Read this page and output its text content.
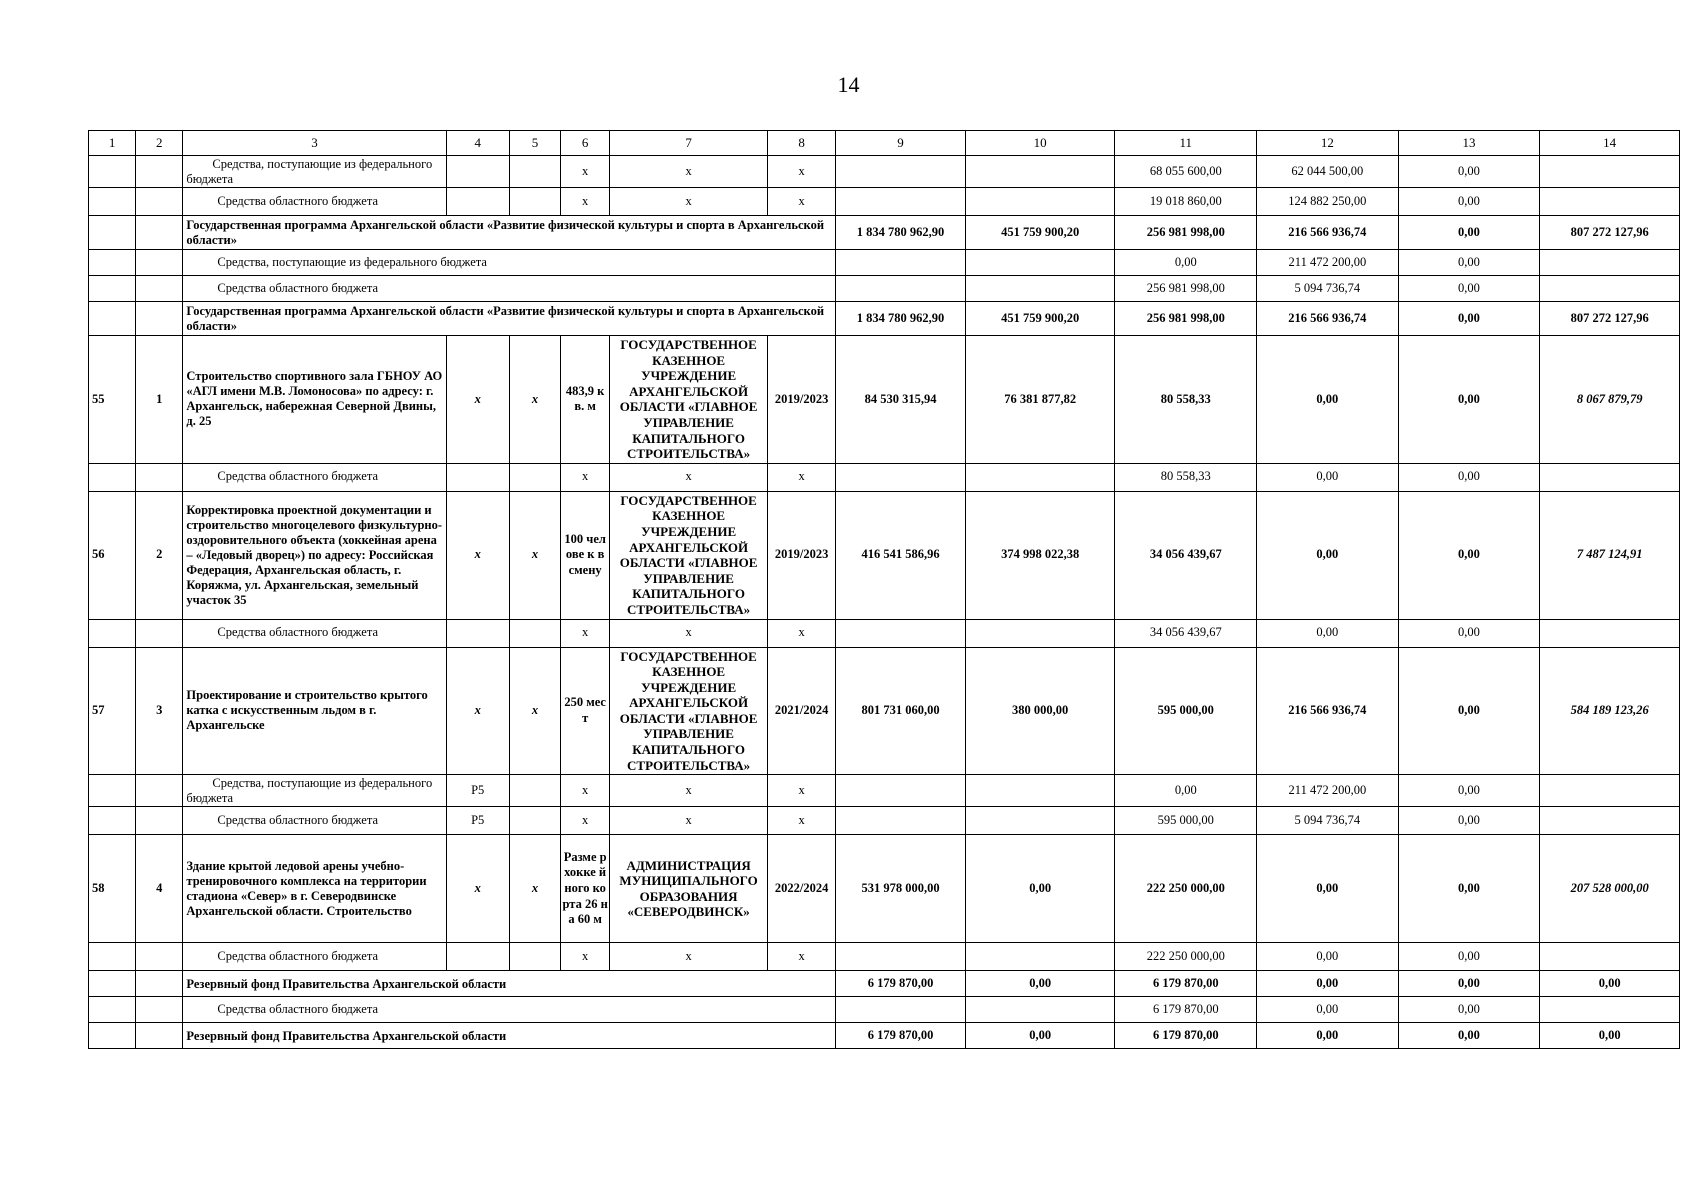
14
1	2	3	4	5	6	7	8	9	10	11	12	13	14
		Средства, поступающие из федерального бюджета			x	x	x			68 055 600,00	62 044 500,00	0,00	
		Средства областного бюджета			x	x	x			19 018 860,00	124 882 250,00	0,00	
		Государственная программа Архангельской области «Развитие физической культуры и спорта в Архангельской области»						1 834 780 962,90	451 759 900,20	256 981 998,00	216 566 936,74	0,00	807 272 127,96
		Средства, поступающие из федерального бюджета								0,00	211 472 200,00	0,00	
		Средства областного бюджета								256 981 998,00	5 094 736,74	0,00	
		Государственная программа Архангельской области «Развитие физической культуры и спорта в Архангельской области»						1 834 780 962,90	451 759 900,20	256 981 998,00	216 566 936,74	0,00	807 272 127,96
55	1	Строительство спортивного зала ГБНОУ АО «АГЛ имени М.В. Ломоносова» по адресу: г. Архангельск, набережная Северной Двины, д. 25	x	x	483,9 кв. м	ГОСУДАРСТВЕННОЕ КАЗЕННОЕ УЧРЕЖДЕНИЕ АРХАНГЕЛЬСКОЙ ОБЛАСТИ «ГЛАВНОЕ УПРАВЛЕНИЕ КАПИТАЛЬНОГО СТРОИТЕЛЬСТВА»	2019/2023	84 530 315,94	76 381 877,82	80 558,33	0,00	0,00	8 067 879,79
		Средства областного бюджета			x	x	x			80 558,33	0,00	0,00	
56	2	Корректировка проектной документации и строительство многоцелевого физкультурно-оздоровительного объекта (хоккейная арена – «Ледовый дворец») по адресу: Российская Федерация, Архангельская область, г. Коряжма, ул. Архангельская, земельный участок 35	x	x	100 челове к в смену	ГОСУДАРСТВЕННОЕ КАЗЕННОЕ УЧРЕЖДЕНИЕ АРХАНГЕЛЬСКОЙ ОБЛАСТИ «ГЛАВНОЕ УПРАВЛЕНИЕ КАПИТАЛЬНОГО СТРОИТЕЛЬСТВА»	2019/2023	416 541 586,96	374 998 022,38	34 056 439,67	0,00	0,00	7 487 124,91
		Средства областного бюджета			x	x	x			34 056 439,67	0,00	0,00	
57	3	Проектирование и строительство крытого катка с искусственным льдом в г. Архангельске	x	x	250 мест	ГОСУДАРСТВЕННОЕ КАЗЕННОЕ УЧРЕЖДЕНИЕ АРХАНГЕЛЬСКОЙ ОБЛАСТИ «ГЛАВНОЕ УПРАВЛЕНИЕ КАПИТАЛЬНОГО СТРОИТЕЛЬСТВА»	2021/2024	801 731 060,00	380 000,00	595 000,00	216 566 936,74	0,00	584 189 123,26
		Средства, поступающие из федерального бюджета	P5		x	x	x			0,00	211 472 200,00	0,00	
		Средства областного бюджета	P5		x	x	x			595 000,00	5 094 736,74	0,00	
58	4	Здание крытой ледовой арены учебно-тренировочного комплекса на территории стадиона «Север» в г. Северодвинске Архангельской области. Строительство	x	x	Разме р хокке йного корта 26 на 60 м	АДМИНИСТРАЦИЯ МУНИЦИПАЛЬНОГО ОБРАЗОВАНИЯ «СЕВЕРОДВИНСК»	2022/2024	531 978 000,00	0,00	222 250 000,00	0,00	0,00	207 528 000,00
		Средства областного бюджета			x	x	x			222 250 000,00	0,00	0,00	
		Резервный фонд Правительства Архангельской области						6 179 870,00	0,00	6 179 870,00	0,00	0,00	0,00
		Средства областного бюджета								6 179 870,00	0,00	0,00	
		Резервный фонд Правительства Архангельской области						6 179 870,00	0,00	6 179 870,00	0,00	0,00	0,00
